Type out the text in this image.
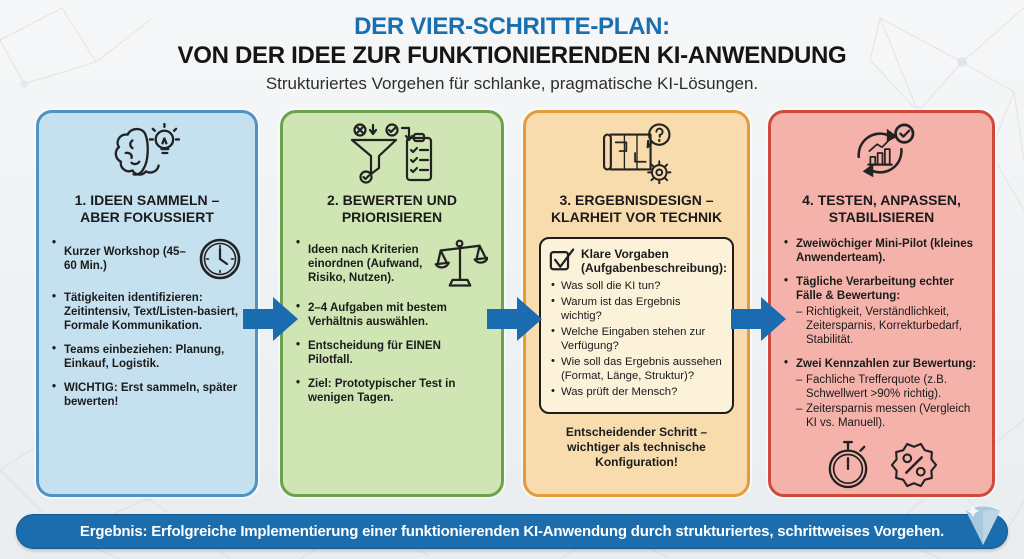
DER VIER-SCHRITTE-PLAN:
VON DER IDEE ZUR FUNKTIONIERENDEN KI-ANWENDUNG
Strukturiertes Vorgehen für schlanke, pragmatische KI-Lösungen.
1. IDEEN SAMMELN –
ABER FOKUSSIERT
• Kurzer Workshop (45–60 Min.)
• Tätigkeiten identifizieren: Zeitintensiv, Text/Listen-basiert, Formale Kommunikation.
• Teams einbeziehen: Planung, Einkauf, Logistik.
• WICHTIG: Erst sammeln, später bewerten!
2. BEWERTEN UND
PRIORISIEREN
• Ideen nach Kriterien einordnen (Aufwand, Risiko, Nutzen).
• 2–4 Aufgaben mit bestem Verhältnis auswählen.
• Entscheidung für EINEN Pilotfall.
• Ziel: Prototypischer Test in wenigen Tagen.
3. ERGEBNISDESIGN –
KLARHEIT VOR TECHNIK
Klare Vorgaben (Aufgabenbeschreibung):
• Was soll die KI tun?
• Warum ist das Ergebnis wichtig?
• Welche Eingaben stehen zur Verfügung?
• Wie soll das Ergebnis aussehen (Format, Länge, Struktur)?
• Was prüft der Mensch?
Entscheidender Schritt – wichtiger als technische Konfiguration!
4. TESTEN, ANPASSEN,
STABILISIEREN
• Zweiwöchiger Mini-Pilot (kleines Anwenderteam).
• Tägliche Verarbeitung echter Fälle & Bewertung:
– Richtigkeit, Verständlichkeit, Zeitersparnis, Korrekturbedarf, Stabilität.
• Zwei Kennzahlen zur Bewertung:
– Fachliche Trefferquote (z.B. Schwellwert >90% richtig).
– Zeitersparnis messen (Vergleich KI vs. Manuell).
Ergebnis: Erfolgreiche Implementierung einer funktionierenden KI-Anwendung durch strukturiertes, schrittweises Vorgehen.
